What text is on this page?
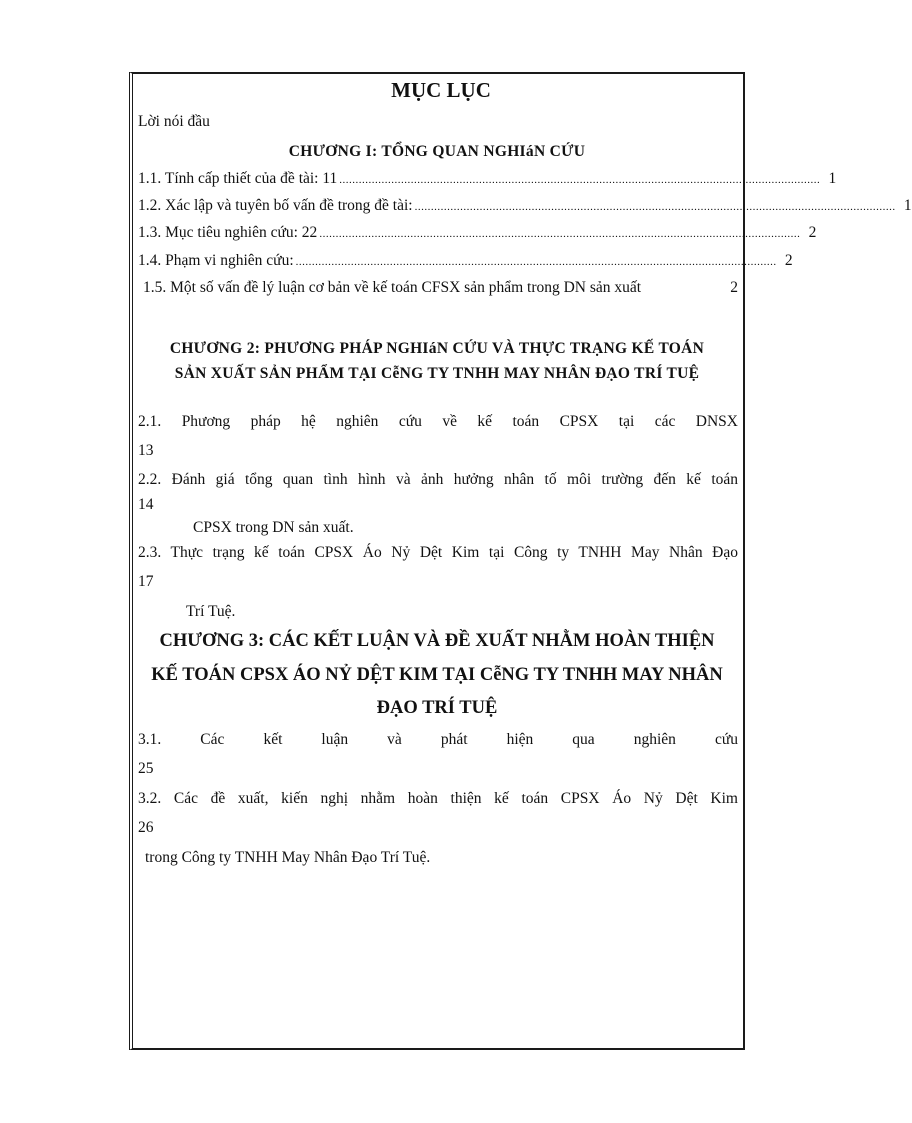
MỤC LỤC
Lời nói đầu
CHƯƠNG I: TỔNG QUAN NGHIáN CỨU
1.1. Tính cấp thiết của đề tài: 11 .................................................................................................................................................... 1
1.2. Xác lập và tuyên bố vấn đề trong đề tài: .................................................................................................................................................... 1
1.3. Mục tiêu nghiên cứu: 22 .................................................................................................................................................... 2
1.4. Phạm vi nghiên cứu: .................................................................................................................................................... 2
1.5. Một số vấn đề lý luận cơ bản về kế toán CFSX sản phẩm trong DN sản xuất	2
CHƯƠNG 2: PHƯƠNG PHÁP NGHIáN CỨU VÀ THỰC TRẠNG KẾ TOÁN
SẢN XUẤT SẢN PHẨM TẠI CễNG TY TNHH MAY NHÂN ĐẠO TRÍ TUỆ
2.1. Phương pháp hệ nghiên cứu về kế toán CPSX tại các DNSX
13
2.2. Đánh giá tổng quan tình hình và ảnh hưởng nhân tố môi trường đến kế toán
14
CPSX trong DN sản xuất.
2.3. Thực trạng kế toán CPSX Áo Nỷ Dệt Kim tại Công ty TNHH May Nhân Đạo
17
Trí Tuệ.
CHƯƠNG 3: CÁC KẾT LUẬN VÀ ĐỀ XUẤT NHẰM HOÀN THIỆN
KẾ TOÁN CPSX ÁO NỶ DỆT KIM TẠI CễNG TY TNHH MAY NHÂN
ĐẠO TRÍ TUỆ
3.1. Các kết luận và phát hiện qua nghiên cứu
25
3.2. Các đề xuất, kiến nghị nhằm hoàn thiện kế toán CPSX Áo Nỷ Dệt Kim
26
trong Công ty TNHH May Nhân Đạo Trí Tuệ.
